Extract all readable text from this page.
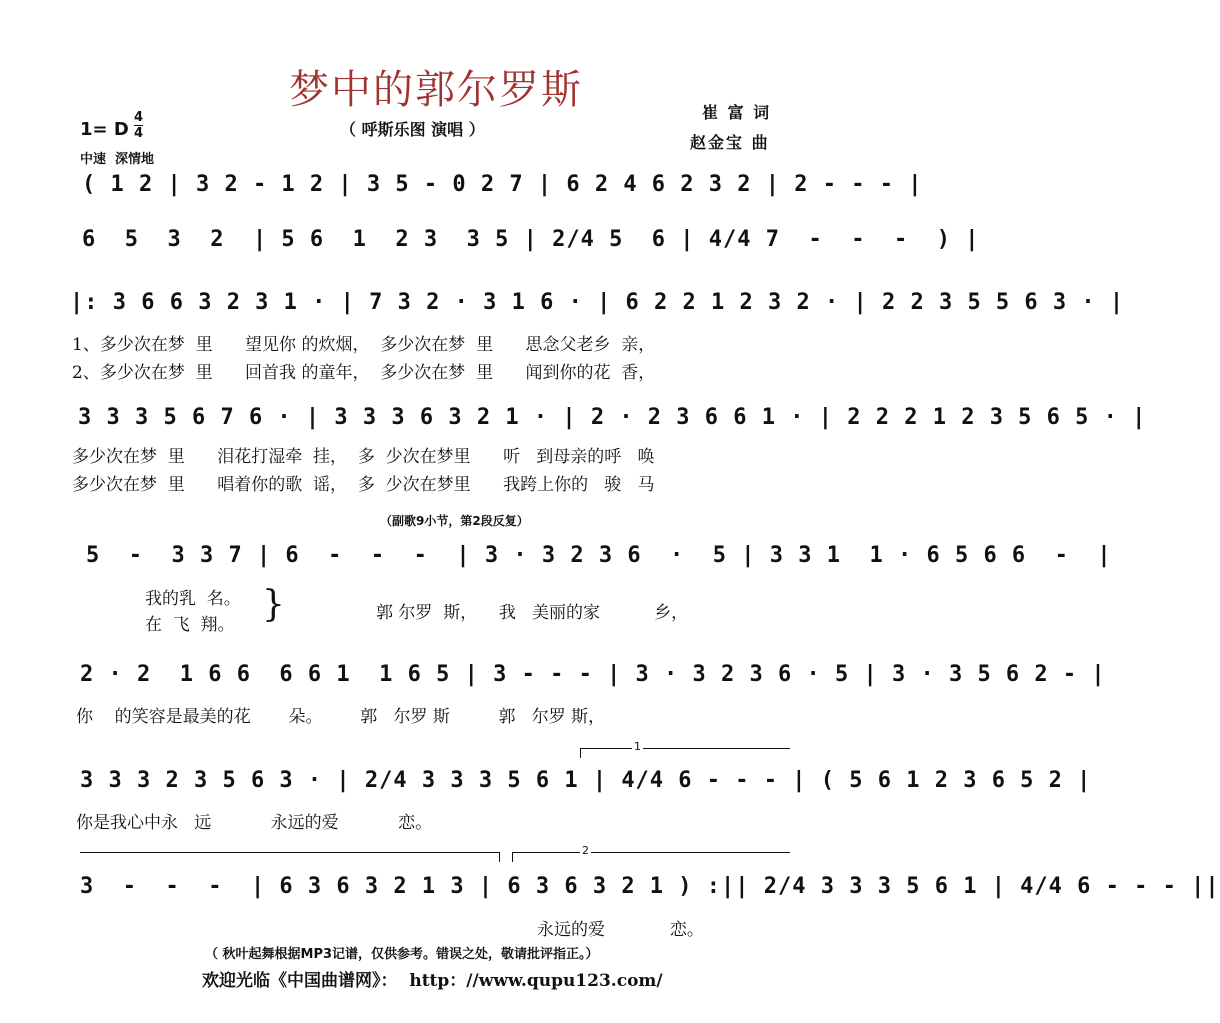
梦中的郭尔罗斯
（ 呼斯乐图 演唱 ）
崔 富 词
赵金宝 曲
1= D
4
4
中速  深情地
( 1 2 | 3 2 - 1 2 | 3 5 - 0 2 7 | 6 2 4 6 2 3 2 | 2 - - - |
6  5  3  2  | 5 6  1  2 3  3 5 | 2/4 5  6 | 4/4 7  -  -  -  ) |
|: 3 6 6 3 2 3 1 · | 7 3 2 · 3 1 6 · | 6 2 2 1 2 3 2 · | 2 2 3 5 5 6 3 · |
1、多少次在梦  里      望见你 的炊烟，  多少次在梦  里      思念父老乡  亲，
2、多少次在梦  里      回首我 的童年，  多少次在梦  里      闻到你的花  香，
3 3 3 5 6 7 6 · | 3 3 3 6 3 2 1 · | 2 · 2 3 6 6 1 · | 2 2 2 1 2 3 5 6 5 · |
多少次在梦  里      泪花打湿牵  挂，  多  少次在梦里      听   到母亲的呼   唤
多少次在梦  里      唱着你的歌  谣，  多  少次在梦里      我跨上你的   骏   马
（副歌9小节，第2段反复）
5  -  3 3 7 | 6  -  -  -  | 3 · 3 2 3 6  ·  5 | 3 3 1  1 · 6 5 6 6  -  |
我的乳  名。
在  飞  翔。 }	郭 尔罗  斯，    我   美丽的家          乡，
2 · 2  1 6 6  6 6 1  1 6 5 | 3 - - - | 3 · 3 2 3 6 · 5 | 3 · 3 5 6 2 - |
你    的笑容是最美的花       朵。       郭   尔罗 斯         郭   尔罗 斯，
1
3 3 3 2 3 5 6 3 · | 2/4 3 3 3 5 6 1 | 4/4 6 - - - | ( 5 6 1 2 3 6 5 2 |
你是我心中永   远           永远的爱           恋。
2
3  -  -  -  | 6 3 6 3 2 1 3 | 6 3 6 3 2 1 ) :|| 2/4 3 3 3 5 6 1 | 4/4 6 - - - ||
永远的爱            恋。
（ 秋叶起舞根据MP3记谱，仅供参考。错误之处，敬请批评指正。）
欢迎光临《中国曲谱网》：  http：//www.qupu123.com/
